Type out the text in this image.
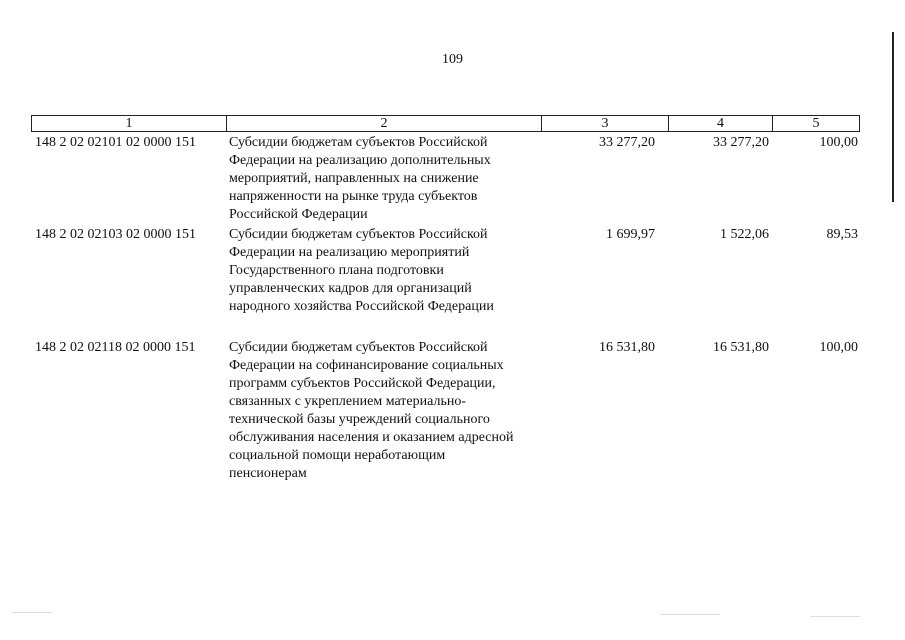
109
1	2	3	4	5
148 2 02 02101 02 0000 151 Субсидии бюджетам субъектов Российской
Федерации на реализацию дополнительных
мероприятий, направленных на снижение
напряженности на рынке труда субъектов
Российской Федерации
33 277,20	33 277,20	100,00
148 2 02 02103 02 0000 151 Субсидии бюджетам субъектов Российской
Федерации на реализацию мероприятий
Государственного плана подготовки
управленческих кадров для организаций
народного хозяйства Российской Федерации
1 699,97	1 522,06	89,53
148 2 02 02118 02 0000 151 Субсидии бюджетам субъектов Российской
Федерации на софинансирование социальных
программ субъектов Российской Федерации,
связанных с укреплением материально-
технической базы учреждений социального
обслуживания населения и оказанием адресной
социальной помощи неработающим
пенсионерам
16 531,80	16 531,80	100,00
